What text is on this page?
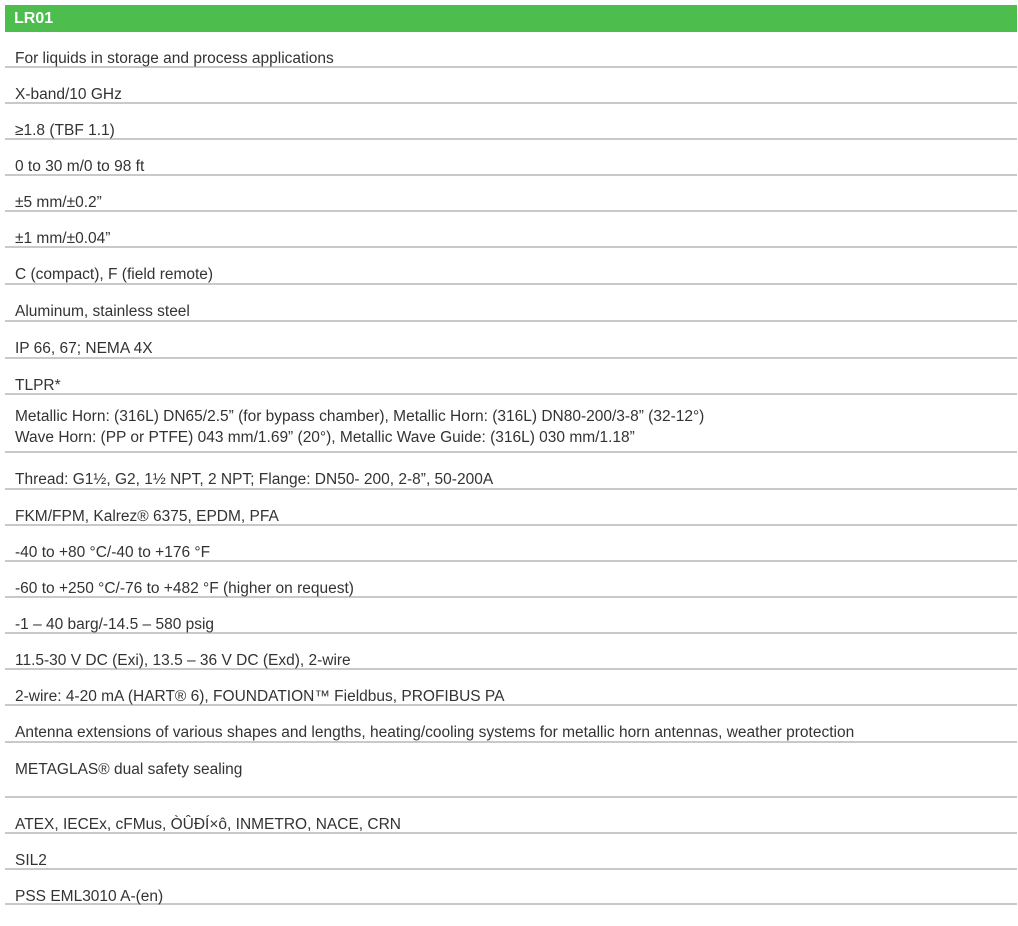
LR01
For liquids in storage and process applications
X-band/10 GHz
≥1.8 (TBF 1.1)
0 to 30 m/0 to 98 ft
±5 mm/±0.2”
±1 mm/±0.04”
C (compact), F (field remote)
Aluminum, stainless steel
IP 66, 67; NEMA 4X
TLPR*
Metallic Horn: (316L) DN65/2.5” (for bypass chamber), Metallic Horn: (316L) DN80-200/3-8” (32-12°)
Wave Horn: (PP or PTFE) 043 mm/1.69” (20°), Metallic Wave Guide: (316L) 030 mm/1.18”
Thread: G1½, G2, 1½ NPT, 2 NPT; Flange: DN50- 200, 2-8”, 50-200A
FKM/FPM, Kalrez® 6375, EPDM, PFA
-40 to +80 °C/-40 to +176 °F
-60 to +250 °C/-76 to +482 °F (higher on request)
-1 – 40 barg/-14.5 – 580 psig
11.5-30 V DC (Exi), 13.5 – 36 V DC (Exd), 2-wire
2-wire: 4-20 mA (HART® 6), FOUNDATION™ Fieldbus, PROFIBUS PA
Antenna extensions of various shapes and lengths, heating/cooling systems for metallic horn antennas, weather protection
METAGLAS® dual safety sealing
ATEX, IECEx, cFMus, ÒÛĐÍ×ô, INMETRO, NACE, CRN
SIL2
PSS EML3010 A-(en)
